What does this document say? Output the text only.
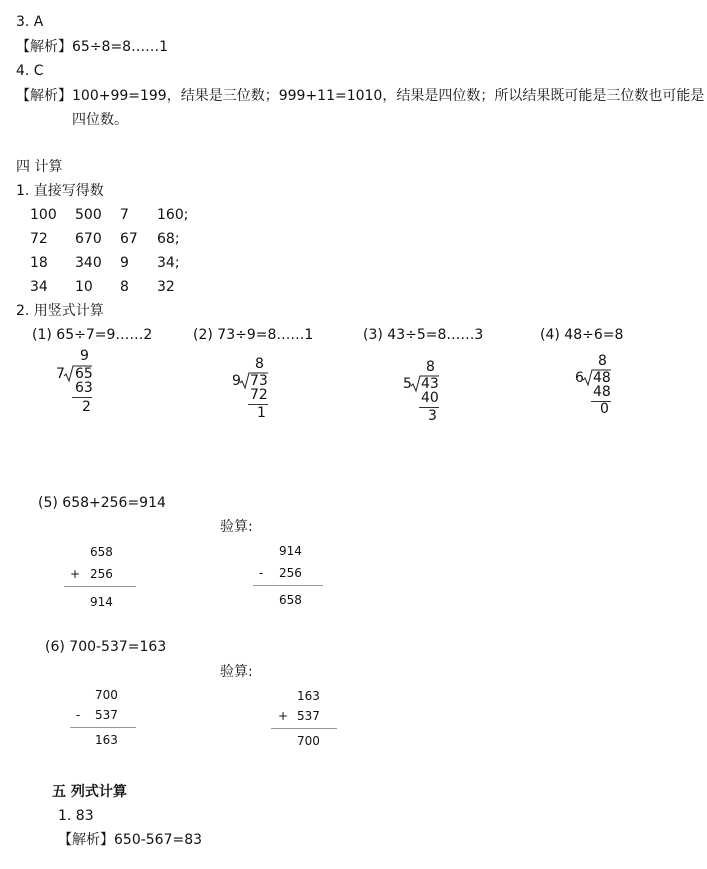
3. A
【解析】65÷8=8……1
4. C
【解析】100+99=199，结果是三位数；999+11=1010，结果是四位数；所以结果既可能是三位数也可能是
四位数。
四 计算
1. 直接写得数
100 500 7 160;
72 670 67 68;
18 340 9 34;
34 10 8 32
2. 用竖式计算
(1) 65÷7=9……2	(2) 73÷9=8……1	(3) 43÷5=8……3	(4) 48÷6=8
9
7 65
63
2
8
9 73
72
1
8
5 43
40
3
8
6 48
48
0
(5) 658+256=914
验算:
658
+ 256
914
914
- 256
658
(6) 700-537=163
验算:
700
- 537
163
163
+ 537
700
五 列式计算
1. 83
【解析】650-567=83
